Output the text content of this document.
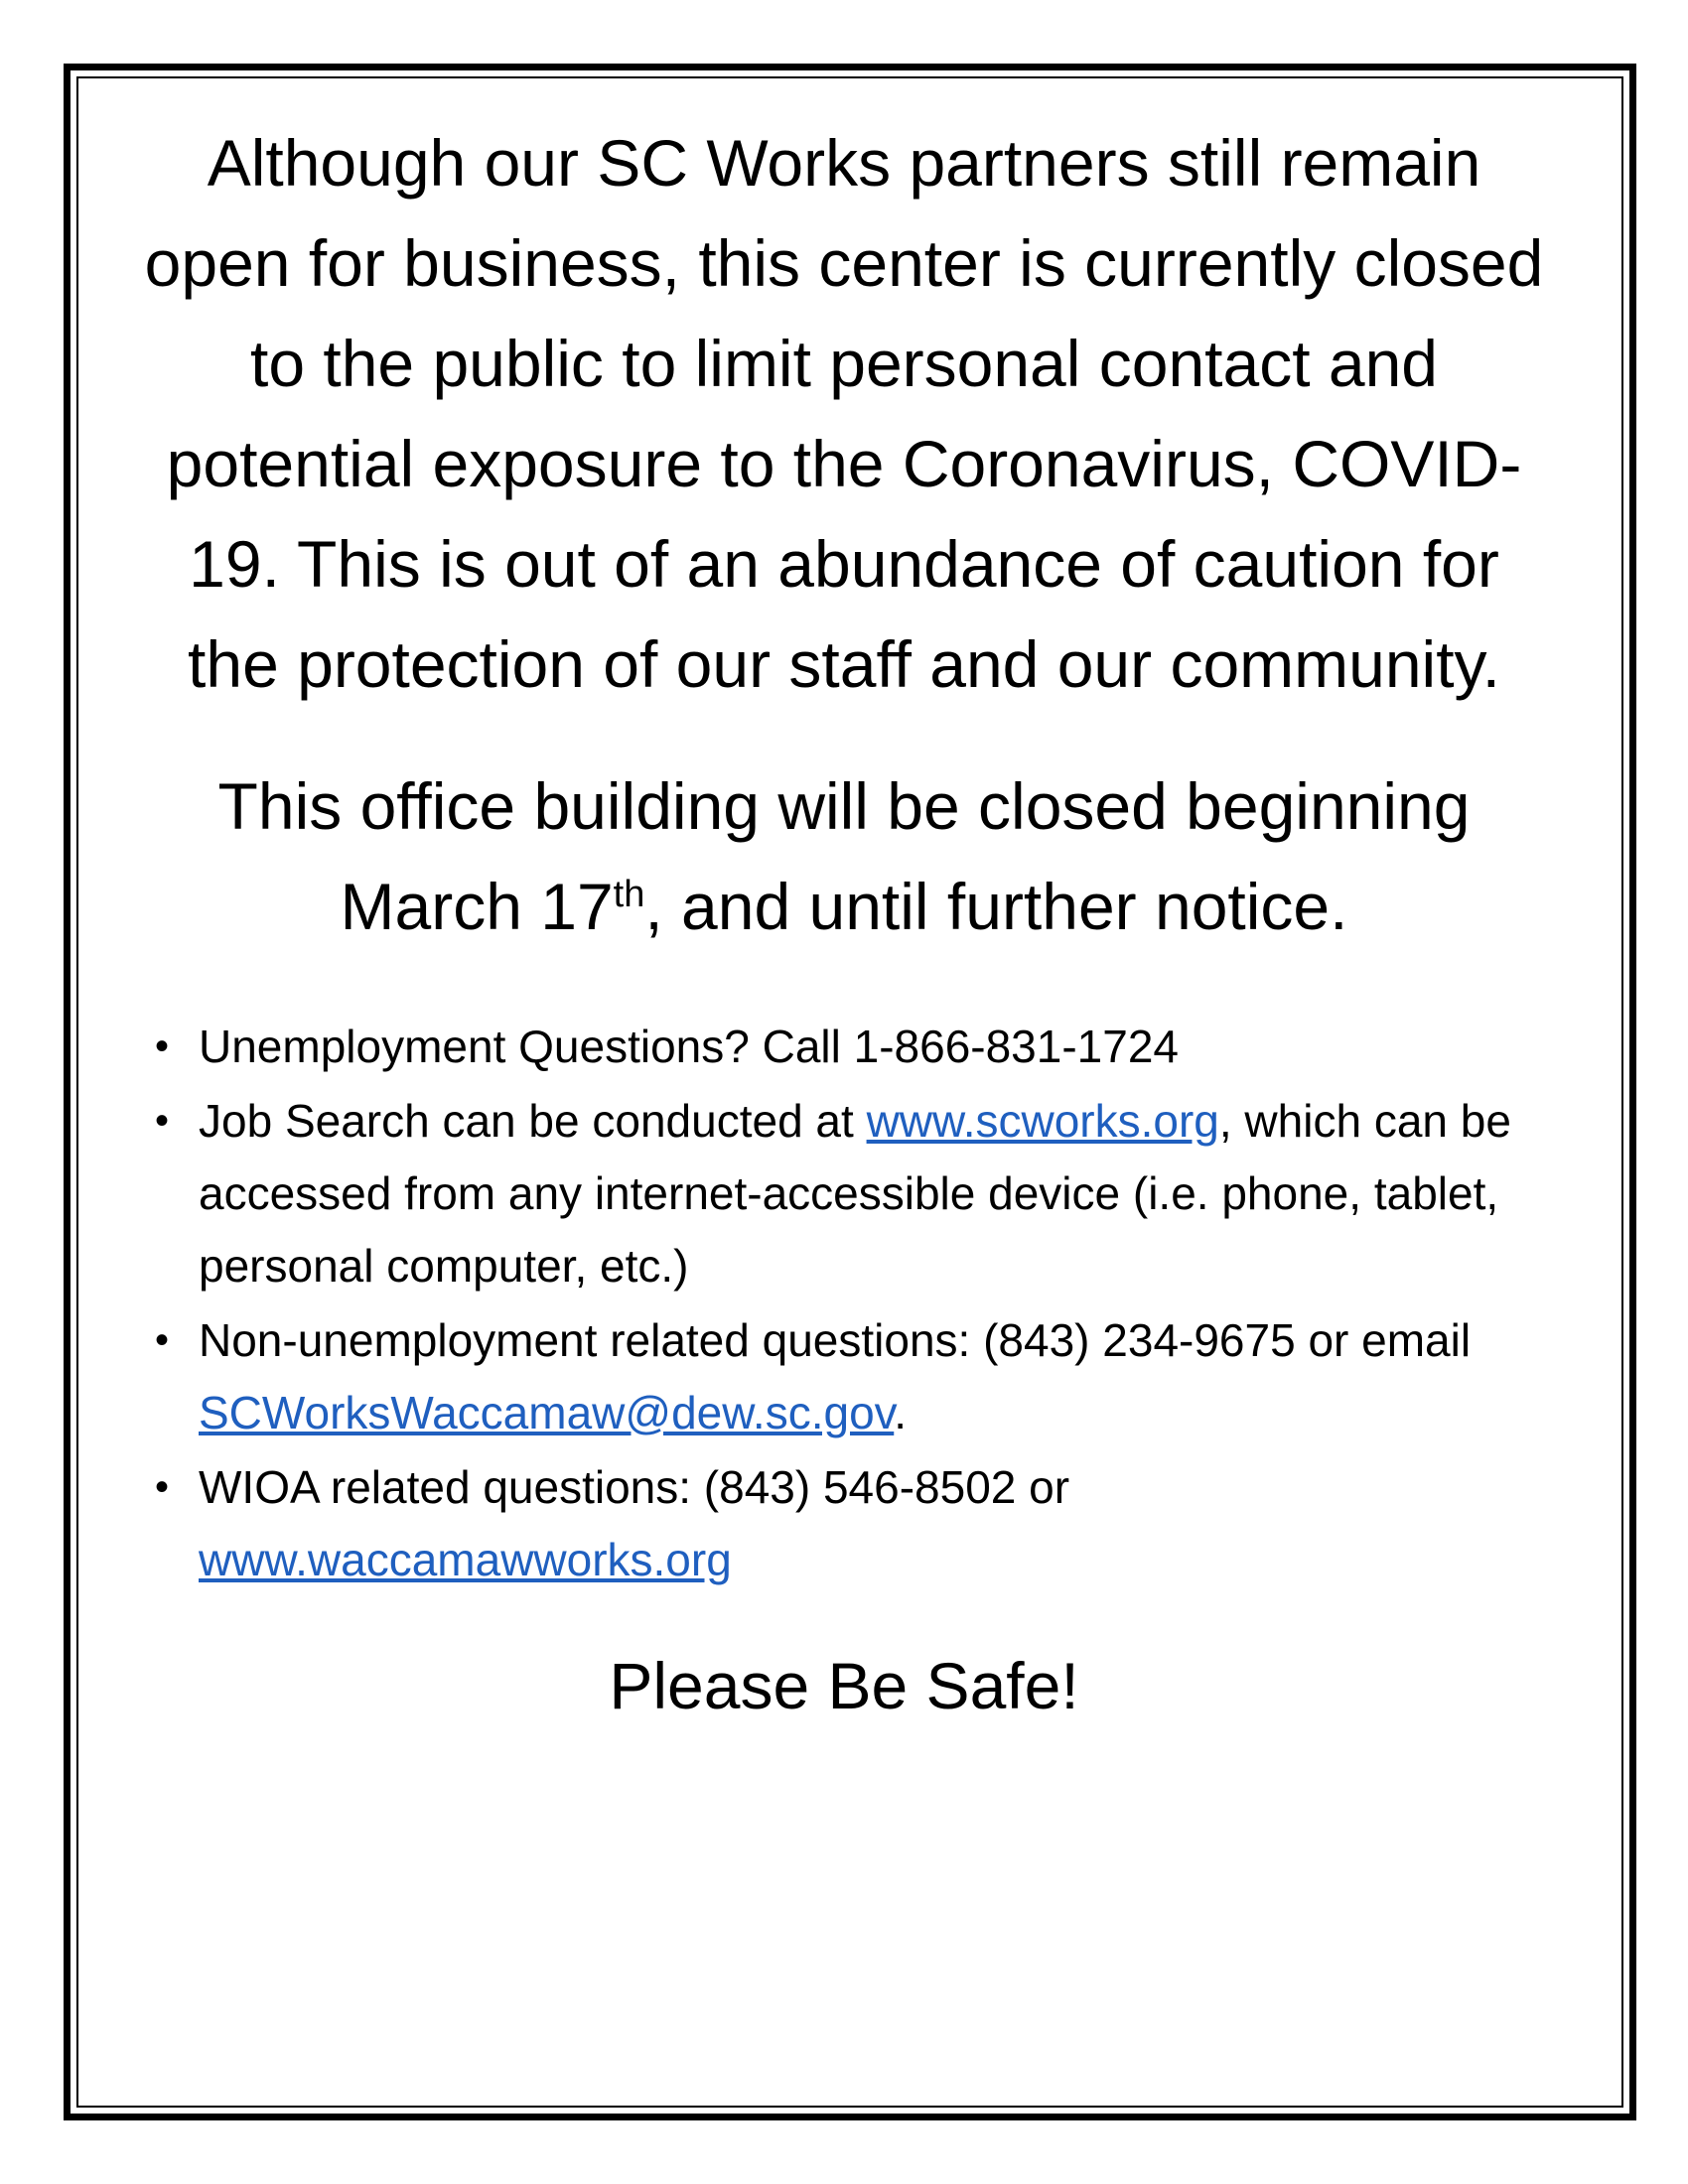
Although our SC Works partners still remain open for business, this center is currently closed to the public to limit personal contact and potential exposure to the Coronavirus, COVID-19. This is out of an abundance of caution for the protection of our staff and our community.

This office building will be closed beginning March 17th, and until further notice.

• Unemployment Questions? Call 1-866-831-1724
• Job Search can be conducted at www.scworks.org, which can be accessed from any internet-accessible device (i.e. phone, tablet, personal computer, etc.)
• Non-unemployment related questions: (843) 234-9675 or email SCWorksWaccamaw@dew.sc.gov.
• WIOA related questions: (843) 546-8502 or www.waccamawworks.org

Please Be Safe!
